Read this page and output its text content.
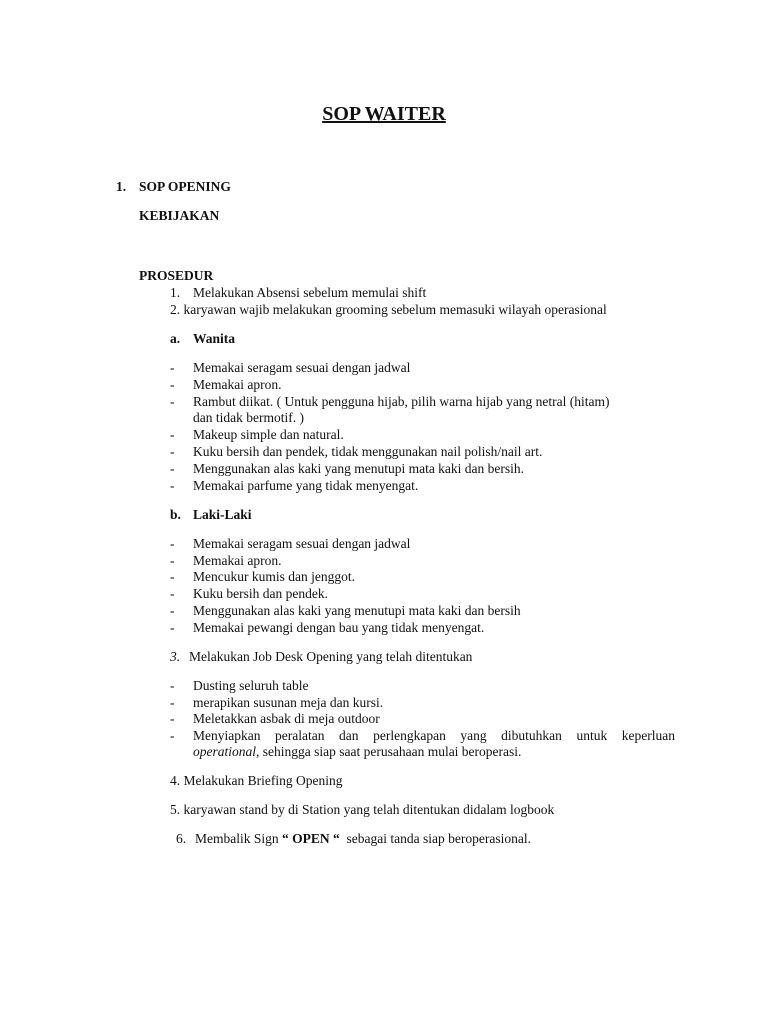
SOP WAITER
1. SOP OPENING
KEBIJAKAN
PROSEDUR
1. Melakukan Absensi sebelum memulai shift
2. karyawan wajib melakukan grooming sebelum memasuki wilayah operasional
a. Wanita
- Memakai seragam sesuai dengan jadwal
- Memakai apron.
- Rambut diikat. ( Untuk pengguna hijab, pilih warna hijab yang netral (hitam)
dan tidak bermotif. )
- Makeup simple dan natural.
- Kuku bersih dan pendek, tidak menggunakan nail polish/nail art.
- Menggunakan alas kaki yang menutupi mata kaki dan bersih.
- Memakai parfume yang tidak menyengat.
b. Laki-Laki
- Memakai seragam sesuai dengan jadwal
- Memakai apron.
- Mencukur kumis dan jenggot.
- Kuku bersih dan pendek.
- Menggunakan alas kaki yang menutupi mata kaki dan bersih
- Memakai pewangi dengan bau yang tidak menyengat.
3. Melakukan Job Desk Opening yang telah ditentukan
- Dusting seluruh table
- merapikan susunan meja dan kursi.
- Meletakkan asbak di meja outdoor
- Menyiapkan peralatan dan perlengkapan yang dibutuhkan untuk keperluan
operational, sehingga siap saat perusahaan mulai beroperasi.
4. Melakukan Briefing Opening
5. karyawan stand by di Station yang telah ditentukan didalam logbook
6. Membalik Sign “ OPEN “ sebagai tanda siap beroperasional.
